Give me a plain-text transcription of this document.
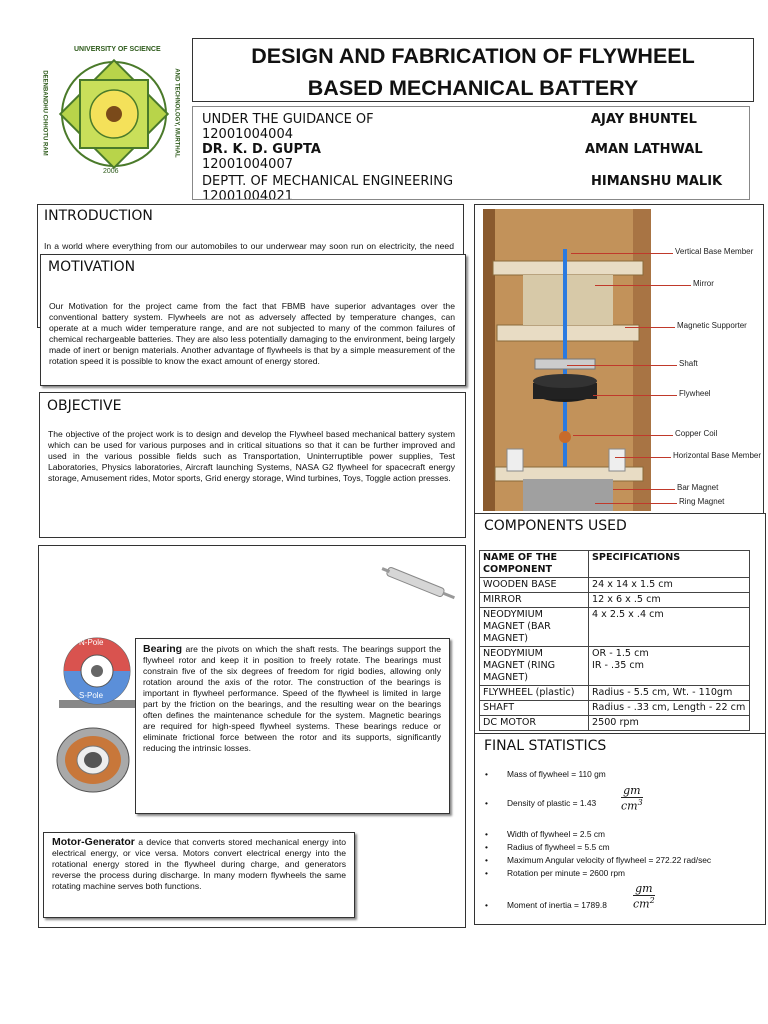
UNIVERSITY OF SCIENCE
DEENBANDHU CHHOTU RAM	AND TECHNOLOGY, MURTHAL
2006
DESIGN AND FABRICATION OF FLYWHEEL
BASED MECHANICAL BATTERY
UNDER THE GUIDANCE OF
12001004004
DR. K. D. GUPTA
12001004007
DEPTT. OF MECHANICAL ENGINEERING
12001004021
AJAY BHUNTEL
AMAN LATHWAL
HIMANSHU MALIK
INTRODUCTION
In a world where everything from our automobiles to our underwear may soon run on electricity, the need
MOTIVATION
Our Motivation for the project came from the fact that FBMB have superior advantages over the conventional battery system. Flywheels are not as adversely affected by temperature changes, can operate at a much wider temperature range, and are not subjected to many of the common failures of chemical rechargeable batteries. They are also less potentially damaging to the environment, being largely made of inert or benign materials. Another advantage of flywheels is that by a simple measurement of the rotation speed it is possible to know the exact amount of energy stored.
OBJECTIVE
The objective of the project work is to design and develop the Flywheel based mechanical battery system which can be used for various purposes and in critical situations so that it can be further improved and used in the various possible fields such as Transportation, Uninterruptible power supplies, Test Laboratories, Physics laboratories, Aircraft launching Systems, NASA G2 flywheel for spacecraft energy storage, Amusement rides, Motor sports, Grid energy storage, Wind turbines, Toys, Toggle action presses.
N-Pole
S-Pole
Bearing are the pivots on which the shaft rests. The bearings support the flywheel rotor and keep it in position to freely rotate. The bearings must constrain five of the six degrees of freedom for rigid bodies, allowing only rotation around the axis of the rotor. The construction of the bearings is important in flywheel performance. Speed of the flywheel is limited in large part by the friction on the bearings, and the resulting wear on the bearings often defines the maintenance schedule for the system. Magnetic bearings are required for high-speed flywheel systems. These bearings reduce or eliminate frictional force between the rotor and its supports, significantly reducing the intrinsic losses.
Motor-Generator a device that converts stored mechanical energy into electrical energy, or vice versa. Motors convert electrical energy into the rotational energy stored in the flywheel during charge, and generators reverse the process during discharge. In many modern flywheels the same rotating machine serves both functions.
Vertical Base Member
Mirror
Magnetic Supporter
Shaft
Flywheel
Copper Coil
Horizontal Base Member
Bar Magnet
Ring Magnet
COMPONENTS USED
NAME OF THE COMPONENT	SPECIFICATIONS
WOODEN BASE	24 x 14 x 1.5 cm
MIRROR	12 x 6 x .5 cm
NEODYMIUM MAGNET (BAR MAGNET)	4 x 2.5 x .4 cm
NEODYMIUM MAGNET (RING MAGNET)	OR - 1.5 cm
IR - .35 cm
FLYWHEEL (plastic)	Radius - 5.5 cm, Wt. - 110gm
SHAFT	Radius - .33 cm, Length - 22 cm
DC MOTOR	2500 rpm
FINAL STATISTICS
• Mass of flywheel = 110 gm
• Density of plastic = 1.43
gm
$cm^3$
• Width of flywheel = 2.5 cm
• Radius of flywheel = 5.5 cm
• Maximum Angular velocity of flywheel = 272.22 rad/sec
• Rotation per minute = 2600 rpm
• Moment of inertia = 1789.8
gm
$cm^2$
